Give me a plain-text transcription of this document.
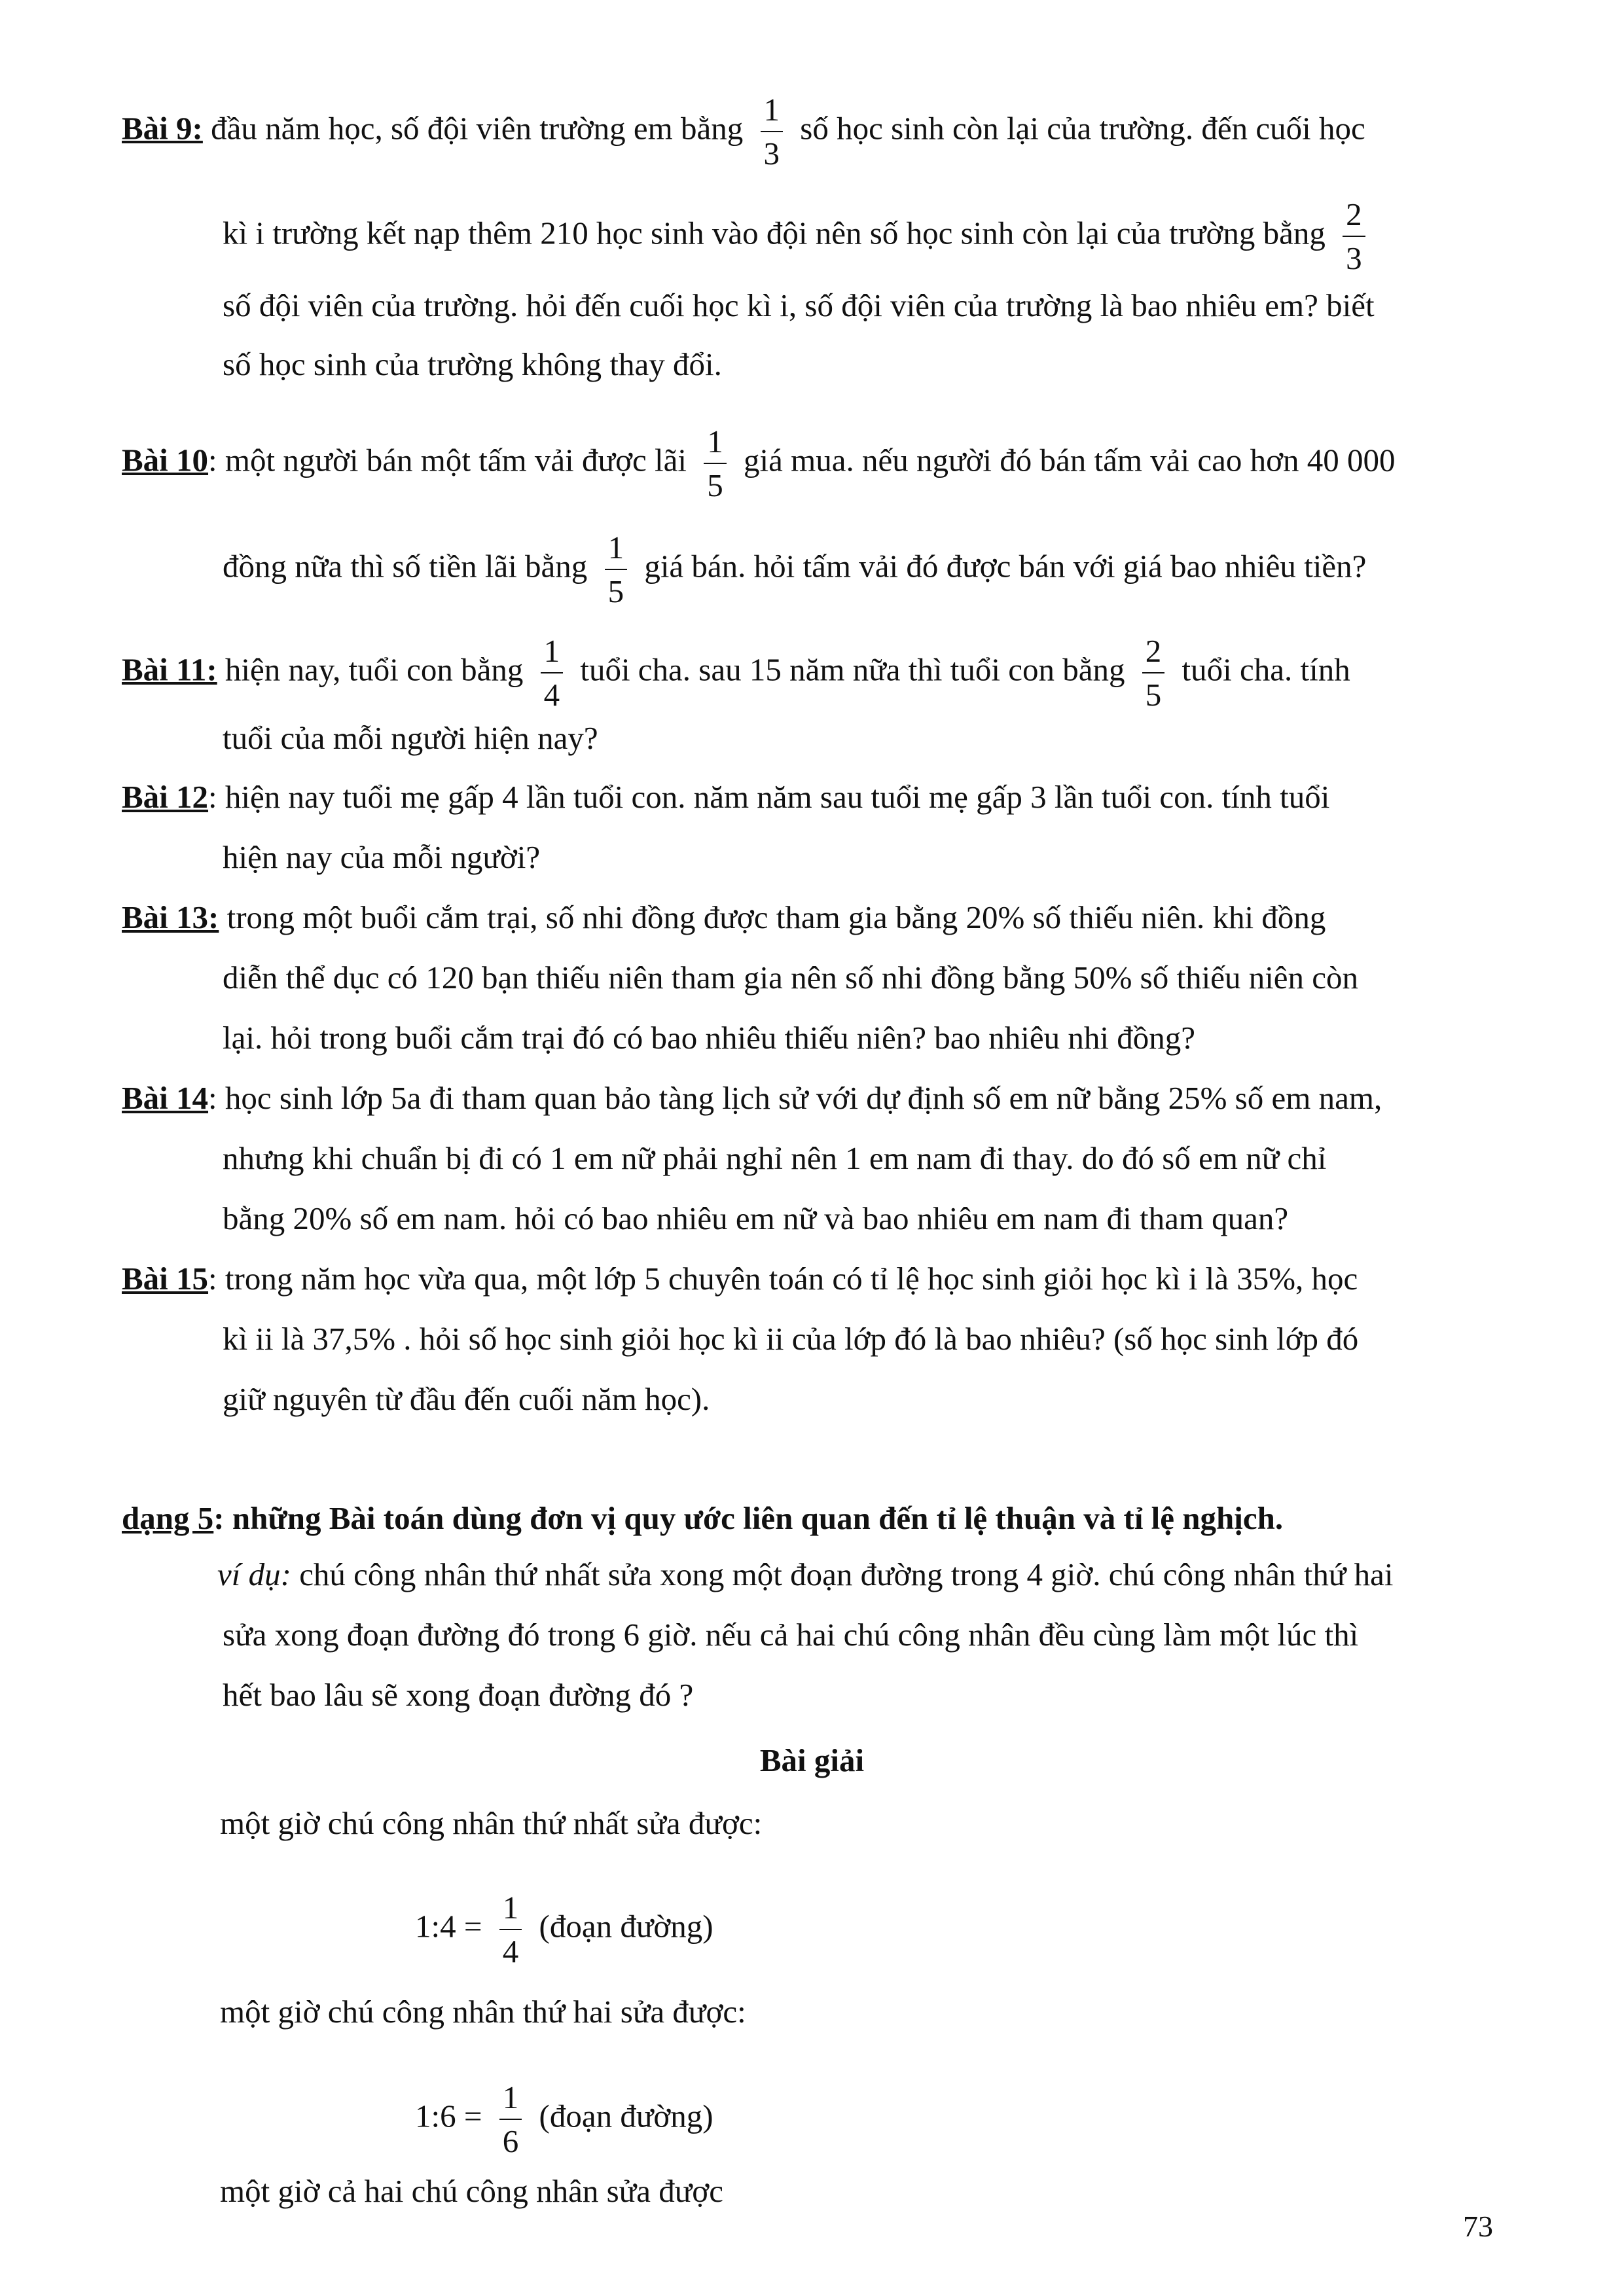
Bài 9: đầu năm học, số đội viên trường em bằng $\frac{1}{3}$ số học sinh còn lại của trường. đến cuối học
kì i trường kết nạp thêm 210 học sinh vào đội nên số học sinh còn lại của trường bằng $\frac{2}{3}$
số đội viên của trường. hỏi đến cuối học kì i, số đội viên của trường là bao nhiêu em? biết
số học sinh của trường không thay đổi.
Bài 10: một người bán một tấm vải được lãi $\frac{1}{5}$ giá mua. nếu người đó bán tấm vải cao hơn 40 000
đồng nữa thì số tiền lãi bằng $\frac{1}{5}$ giá bán. hỏi tấm vải đó được bán với giá bao nhiêu tiền?
Bài 11: hiện nay, tuổi con bằng $\frac{1}{4}$ tuổi cha. sau 15 năm nữa thì tuổi con bằng $\frac{2}{5}$ tuổi cha. tính
tuổi của mỗi người hiện nay?
Bài 12: hiện nay tuổi mẹ gấp 4 lần tuổi con. năm năm sau tuổi mẹ gấp 3 lần tuổi con. tính tuổi
hiện nay của mỗi người?
Bài 13: trong một buổi cắm trại, số nhi đồng được tham gia bằng 20% số thiếu niên. khi đồng
diễn thể dục có 120 bạn thiếu niên tham gia nên số nhi đồng bằng 50% số thiếu niên còn
lại. hỏi trong buổi cắm trại đó có bao nhiêu thiếu niên? bao nhiêu nhi đồng?
Bài 14: học sinh lớp 5a đi tham quan bảo tàng lịch sử với dự định số em nữ bằng 25% số em nam,
nhưng khi chuẩn bị đi có 1 em nữ phải nghỉ nên 1 em nam đi thay. do đó số em nữ chỉ
bằng 20% số em nam. hỏi có bao nhiêu em nữ và bao nhiêu em nam đi tham quan?
Bài 15: trong năm học vừa qua, một lớp 5 chuyên toán có tỉ lệ học sinh giỏi học kì i là 35%, học
kì ii là 37,5% . hỏi số học sinh giỏi học kì ii của lớp đó là bao nhiêu? (số học sinh lớp đó
giữ nguyên từ đầu đến cuối năm học).
dạng 5: những Bài toán dùng đơn vị quy ước liên quan đến tỉ lệ thuận và tỉ lệ nghịch.
ví dụ: chú công nhân thứ nhất sửa xong một đoạn đường trong 4 giờ. chú công nhân thứ hai
sửa xong đoạn đường đó trong 6 giờ. nếu cả hai chú công nhân đều cùng làm một lúc thì
hết bao lâu sẽ xong đoạn đường đó ?
Bài giải
một giờ chú công nhân thứ nhất sửa được:
1:4 = $\frac{1}{4}$ (đoạn đường)
một giờ chú công nhân thứ hai sửa được:
1:6 = $\frac{1}{6}$ (đoạn đường)
một giờ cả hai chú công nhân sửa được
73
